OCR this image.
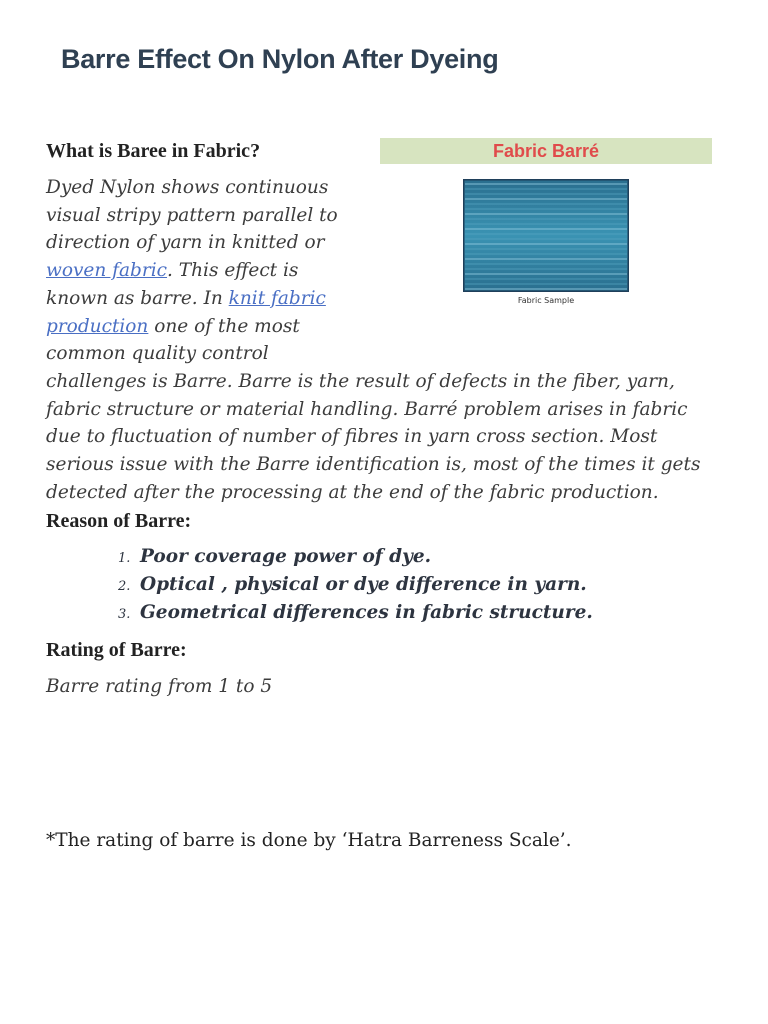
Barre Effect On Nylon After Dyeing
What is Baree in Fabric?	Fabric Barré
Fabric Sample

Dyed Nylon shows continuous visual stripy pattern parallel to direction of yarn in knitted or woven fabric. This effect is known as barre. In knit fabric production one of the most common quality control challenges is Barre. Barre is the result of defects in the fiber, yarn, fabric structure or material handling. Barré problem arises in fabric due to fluctuation of number of fibres in yarn cross section. Most serious issue with the Barre identification is, most of the times it gets detected after the processing at the end of the fabric production.

Reason of Barre:
1. Poor coverage power of dye.
2. Optical , physical or dye difference in yarn.
3. Geometrical differences in fabric structure.
Rating of Barre:

Barre rating from 1 to 5

*The rating of barre is done by ‘Hatra Barreness Scale’.
